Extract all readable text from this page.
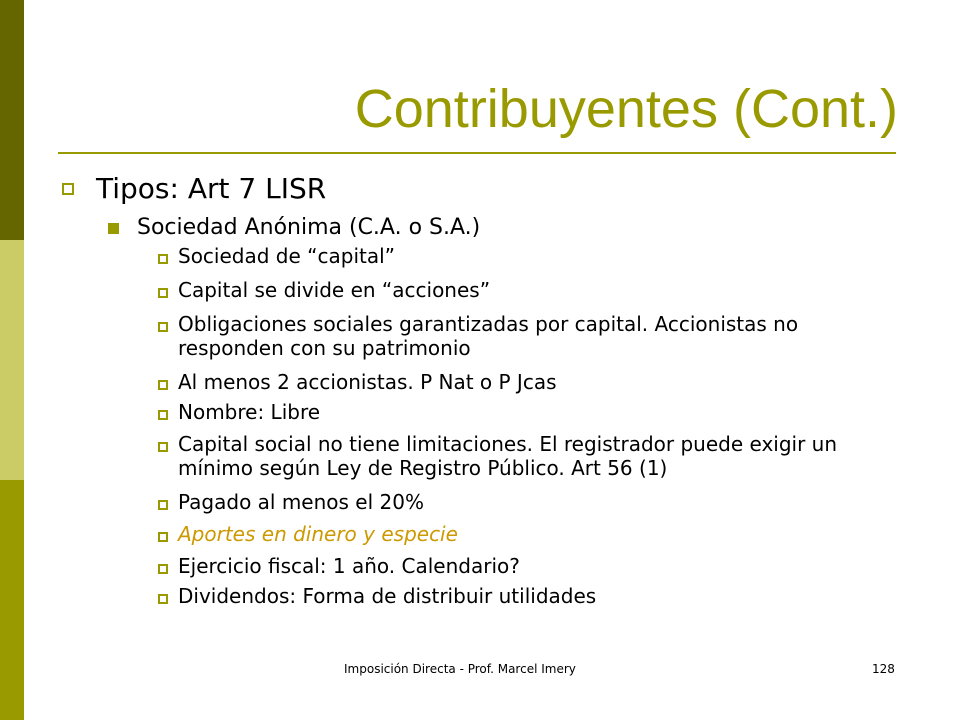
Contribuyentes (Cont.)
Tipos: Art 7 LISR
Sociedad Anónima (C.A. o S.A.)
Sociedad de “capital”
Capital se divide en “acciones”
Obligaciones sociales garantizadas por capital. Accionistas no responden con su patrimonio
Al menos 2 accionistas. P Nat o P Jcas
Nombre: Libre
Capital social no tiene limitaciones. El registrador puede exigir un mínimo según Ley de Registro Público. Art 56 (1)
Pagado al menos el 20%
Aportes en dinero y especie
Ejercicio fiscal: 1 año. Calendario?
Dividendos: Forma de distribuir utilidades
Imposición Directa - Prof. Marcel Imery	128
